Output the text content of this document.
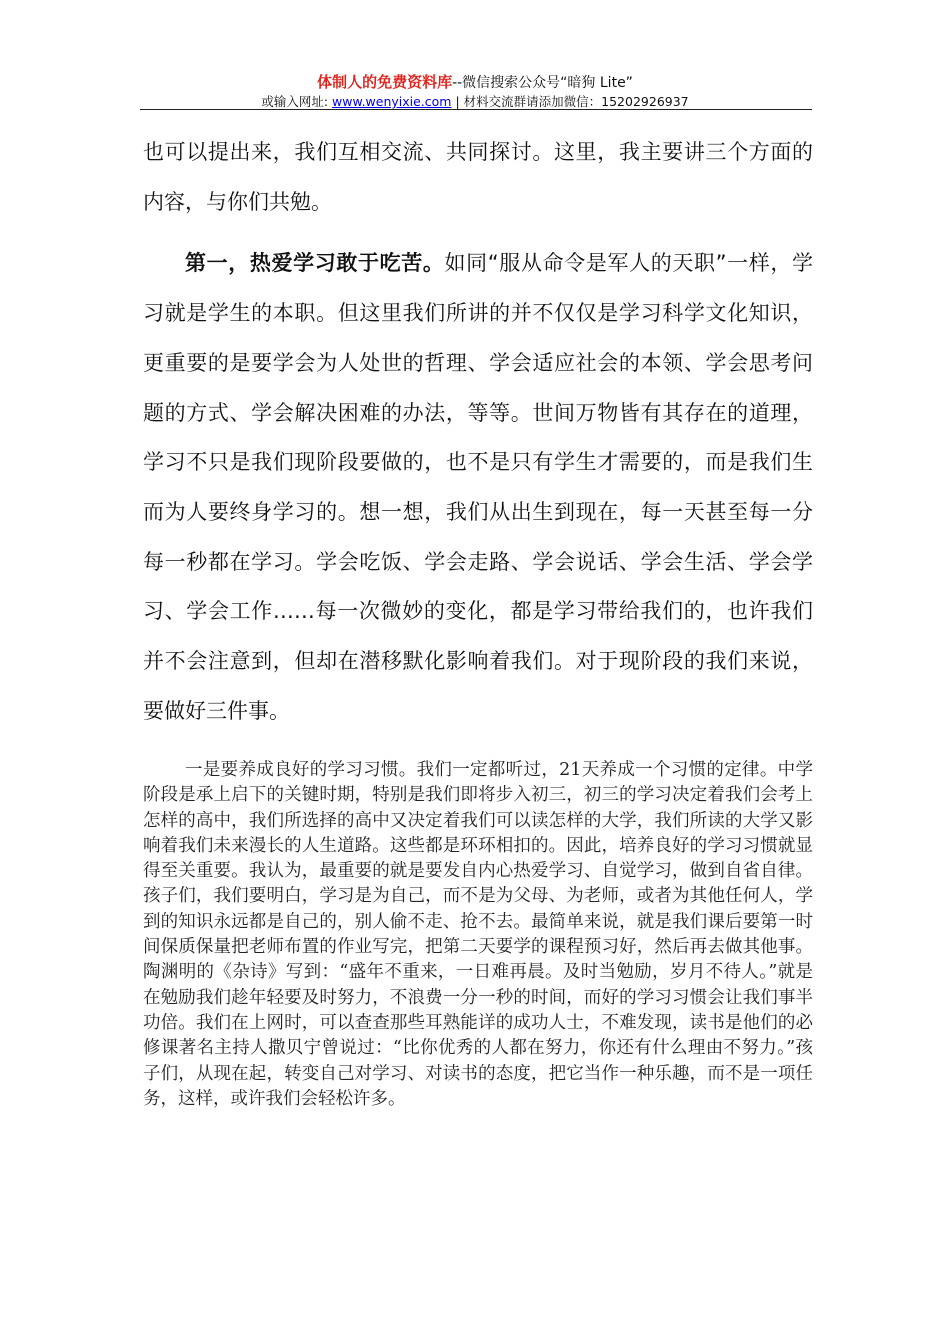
体制人的免费资料库--微信搜索公众号“暗狗 Lite”
或输入网址: www.wenyixie.com | 材料交流群请添加微信：15202926937

也可以提出来，我们互相交流、共同探讨。这里，我主要讲三个方面的内容，与你们共勉。

第一，热爱学习敢于吃苦。如同“服从命令是军人的天职”一样，学习就是学生的本职。但这里我们所讲的并不仅仅是学习科学文化知识，更重要的是要学会为人处世的哲理、学会适应社会的本领、学会思考问题的方式、学会解决困难的办法，等等。世间万物皆有其存在的道理，学习不只是我们现阶段要做的，也不是只有学生才需要的，而是我们生而为人要终身学习的。想一想，我们从出生到现在，每一天甚至每一分每一秒都在学习。学会吃饭、学会走路、学会说话、学会生活、学会学习、学会工作……每一次微妙的变化，都是学习带给我们的，也许我们并不会注意到，但却在潜移默化影响着我们。对于现阶段的我们来说，要做好三件事。

一是要养成良好的学习习惯。我们一定都听过，21天养成一个习惯的定律。中学阶段是承上启下的关键时期，特别是我们即将步入初三，初三的学习决定着我们会考上怎样的高中，我们所选择的高中又决定着我们可以读怎样的大学，我们所读的大学又影响着我们未来漫长的人生道路。这些都是环环相扣的。因此，培养良好的学习习惯就显得至关重要。我认为，最重要的就是要发自内心热爱学习、自觉学习，做到自省自律。孩子们，我们要明白，学习是为自己，而不是为父母、为老师，或者为其他任何人，学到的知识永远都是自己的，别人偷不走、抢不去。最简单来说，就是我们课后要第一时间保质保量把老师布置的作业写完，把第二天要学的课程预习好，然后再去做其他事。陶渊明的《杂诗》写到：“盛年不重来，一日难再晨。及时当勉励，岁月不待人。”就是在勉励我们趁年轻要及时努力，不浪费一分一秒的时间，而好的学习习惯会让我们事半功倍。我们在上网时，可以查查那些耳熟能详的成功人士，不难发现，读书是他们的必修课著名主持人撒贝宁曾说过：“比你优秀的人都在努力，你还有什么理由不努力。”孩子们，从现在起，转变自己对学习、对读书的态度，把它当作一种乐趣，而不是一项任务，这样，或许我们会轻松许多。
